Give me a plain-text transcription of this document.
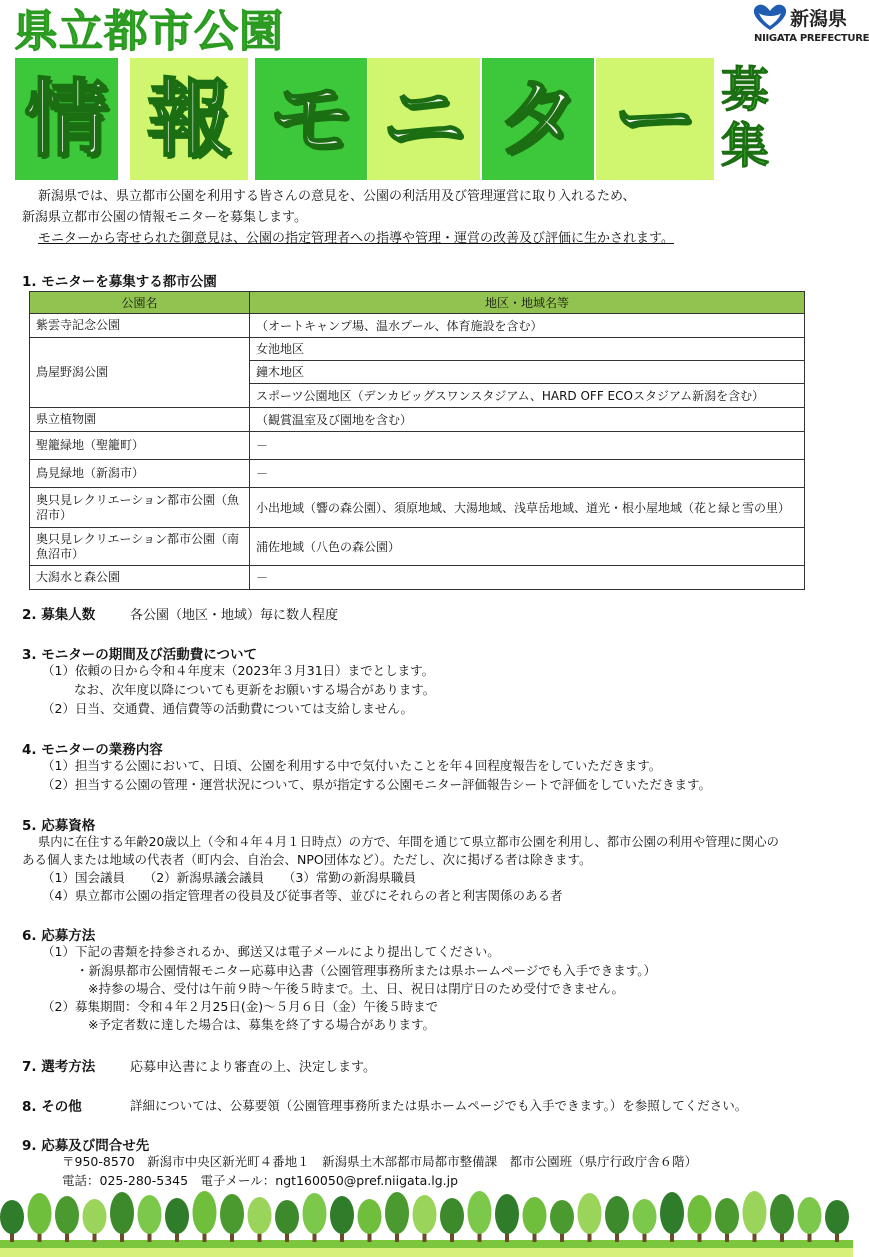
県立都市公園	新潟県
NIIGATA PREFECTURE
情 報 モ ニ タ ー 募集

新潟県では、県立都市公園を利用する皆さんの意見を、公園の利活用及び管理運営に取り入れるため、

新潟県立都市公園の情報モニターを募集します。

モニターから寄せられた御意見は、公園の指定管理者への指導や管理・運営の改善及び評価に生かされます。

1. モニターを募集する都市公園
公園名	地区・地域名等
紫雲寺記念公園	（オートキャンプ場、温水プール、体育施設を含む）
鳥屋野潟公園	女池地区
	鐘木地区
	スポーツ公園地区（デンカビッグスワンスタジアム、HARD OFF ECOスタジアム新潟を含む）
県立植物園	（観賞温室及び園地を含む）
聖籠緑地（聖籠町）	－
鳥見緑地（新潟市）	－
奥只見レクリエーション都市公園（魚沼市）	小出地域（響の森公園）、須原地域、大湯地域、浅草岳地域、道光・根小屋地域（花と緑と雪の里）
奥只見レクリエーション都市公園（南魚沼市）	浦佐地域（八色の森公園）
大潟水と森公園	－
2. 募集人数	各公園（地区・地域）毎に数人程度
3. モニターの期間及び活動費について
（1）依頼の日から令和４年度末（2023年３月31日）までとします。
なお、次年度以降についても更新をお願いする場合があります。
（2）日当、交通費、通信費等の活動費については支給しません。
4. モニターの業務内容
（1）担当する公園において、日頃、公園を利用する中で気付いたことを年４回程度報告をしていただきます。
（2）担当する公園の管理・運営状況について、県が指定する公園モニター評価報告シートで評価をしていただきます。
5. 応募資格
県内に在住する年齢20歳以上（令和４年４月１日時点）の方で、年間を通じて県立都市公園を利用し、都市公園の利用や管理に関心の
ある個人または地域の代表者（町内会、自治会、NPO団体など）。ただし、次に掲げる者は除きます。
（1）国会議員　　（2）新潟県議会議員　　（3）常勤の新潟県職員
（4）県立都市公園の指定管理者の役員及び従事者等、並びにそれらの者と利害関係のある者
6. 応募方法
（1）下記の書類を持参されるか、郵送又は電子メールにより提出してください。
・新潟県都市公園情報モニター応募申込書（公園管理事務所または県ホームページでも入手できます。）
※持参の場合、受付は午前９時～午後５時まで。土、日、祝日は閉庁日のため受付できません。
（2）募集期間：令和４年２月25日(金)～５月６日（金）午後５時まで
※予定者数に達した場合は、募集を終了する場合があります。
7. 選考方法	応募申込書により審査の上、決定します。
8. その他	詳細については、公募要領（公園管理事務所または県ホームページでも入手できます。）を参照してください。
9. 応募及び問合せ先
〒950-8570　新潟市中央区新光町４番地１　新潟県土木部都市局都市整備課　都市公園班（県庁行政庁舎６階）
電話：025-280-5345　電子メール：ngt160050@pref.niigata.lg.jp
